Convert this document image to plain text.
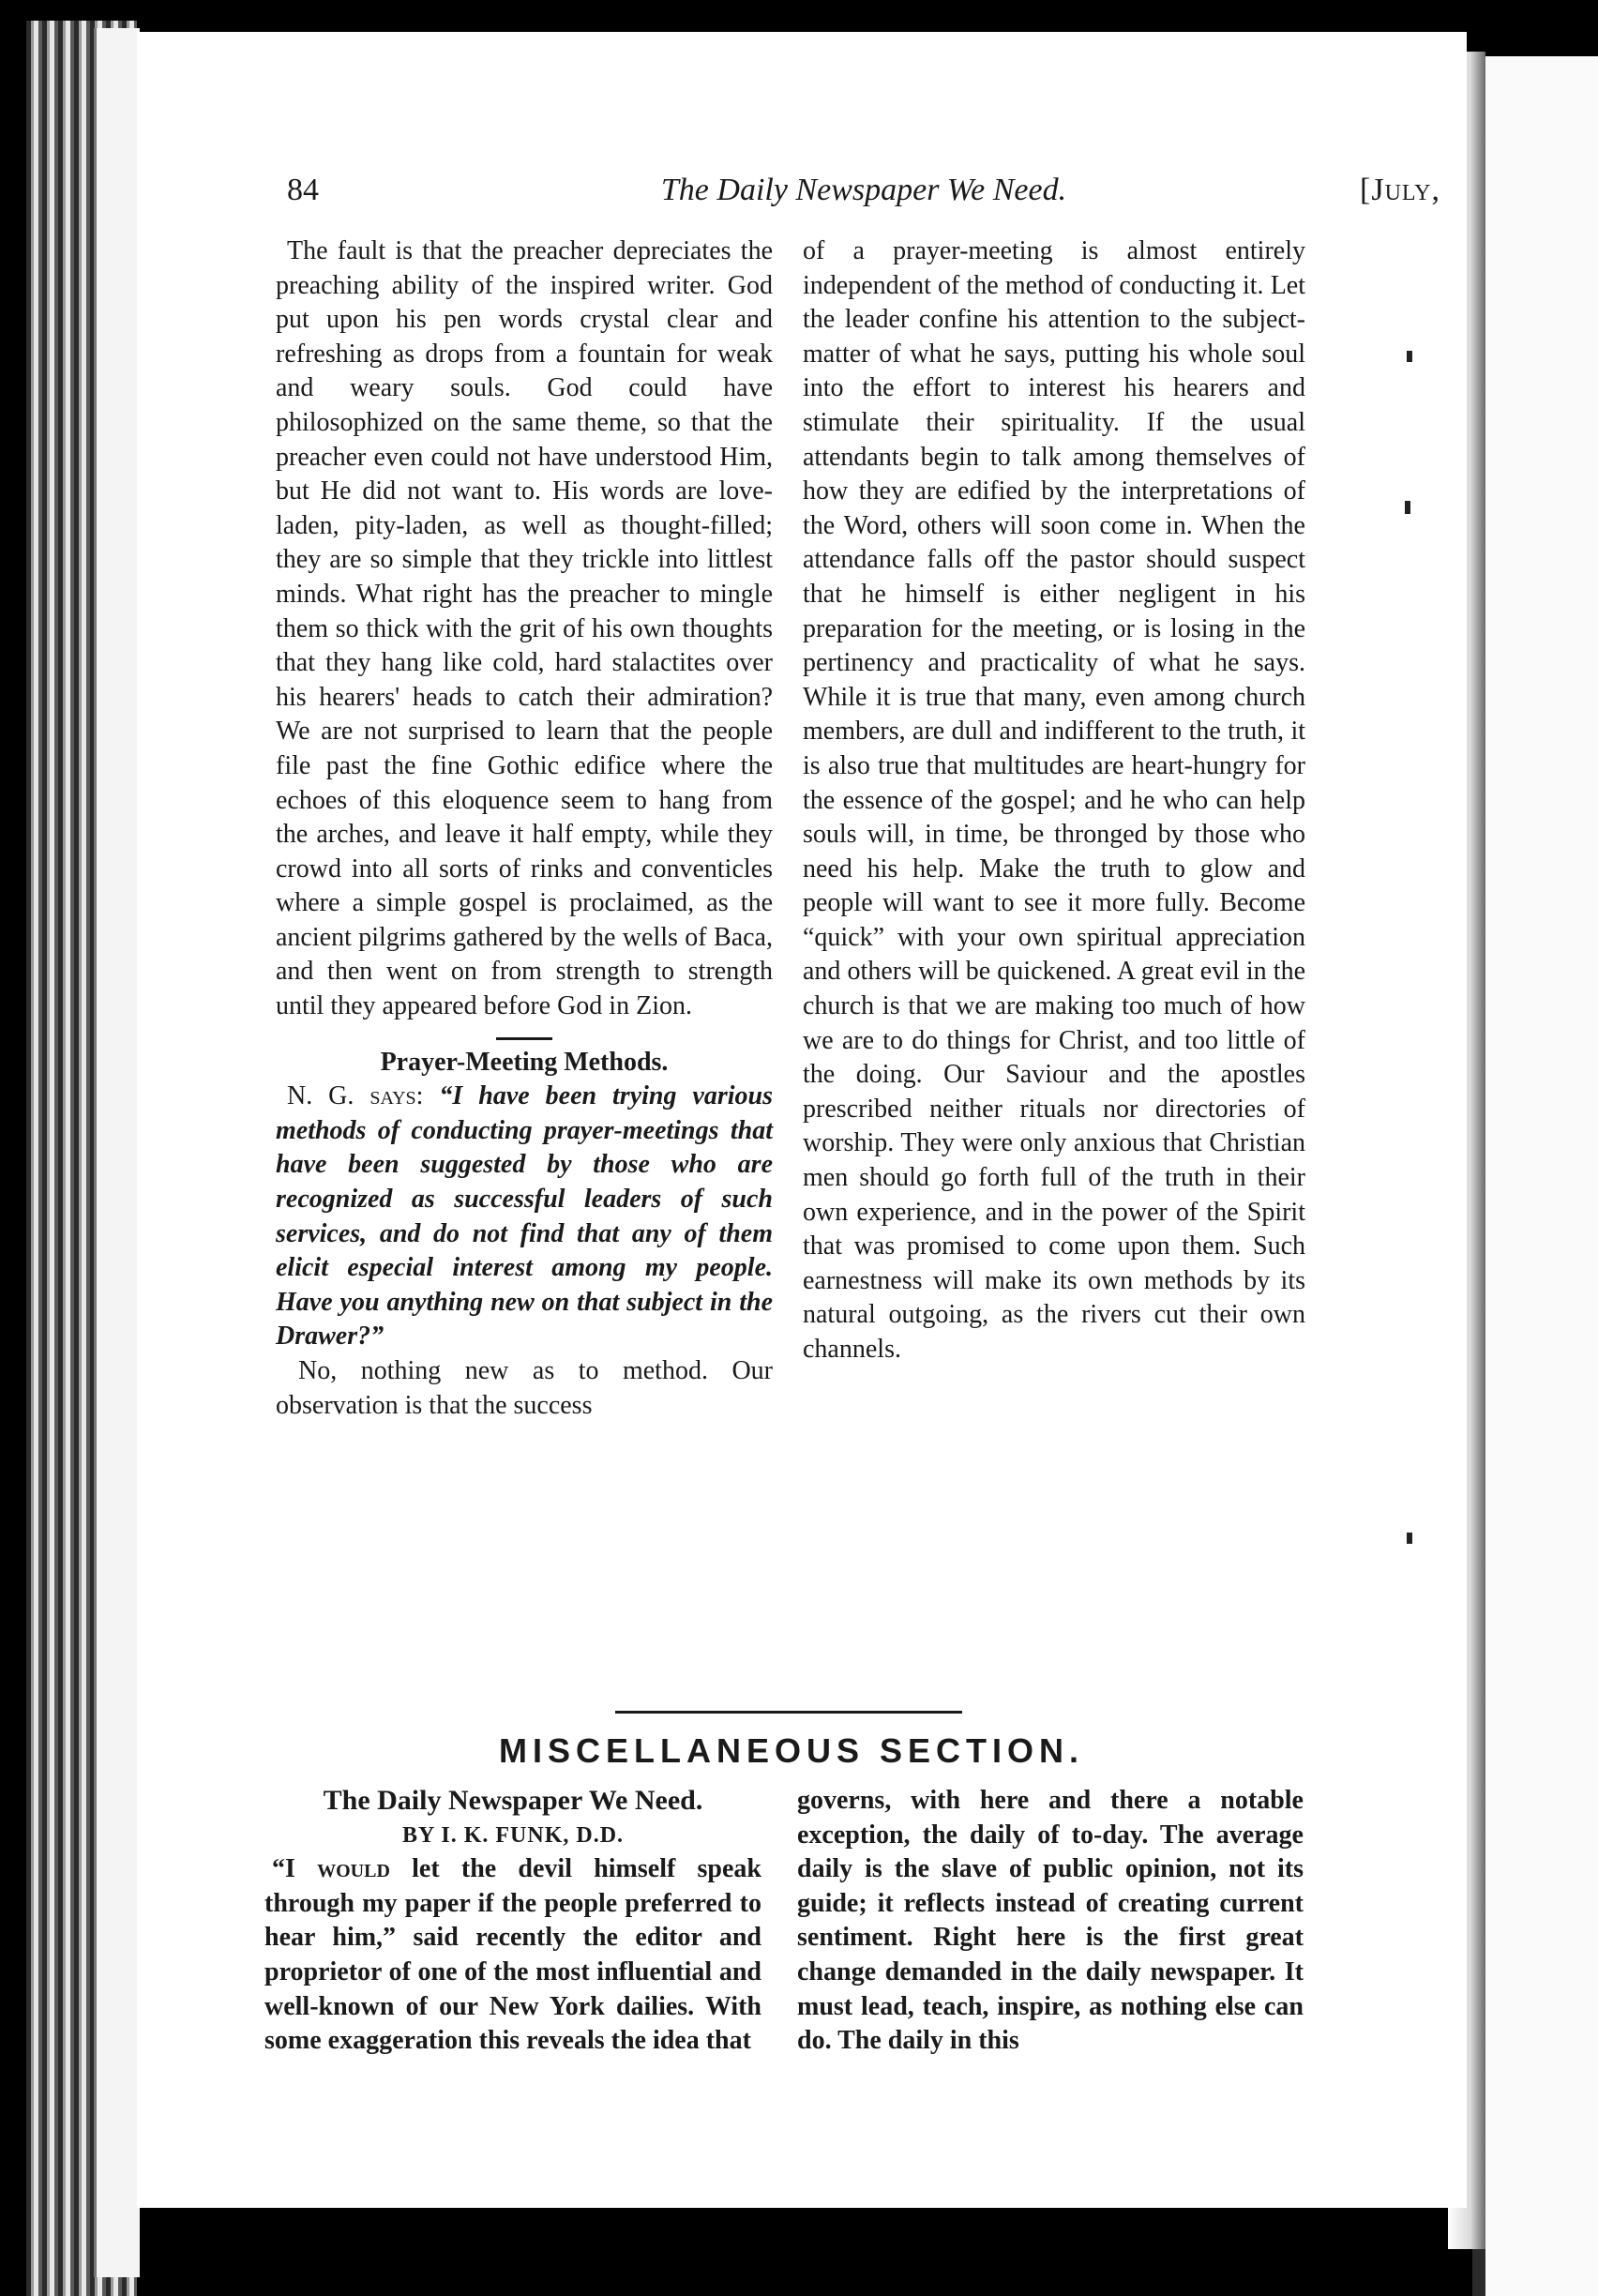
84	The Daily Newspaper We Need.	[July,

The fault is that the preacher depreciates the preaching ability of the inspired writer. God put upon his pen words crystal clear and refreshing as drops from a fountain for weak and weary souls. God could have philosophized on the same theme, so that the preacher even could not have understood Him, but He did not want to. His words are love-laden, pity-laden, as well as thought-filled; they are so simple that they trickle into littlest minds. What right has the preacher to mingle them so thick with the grit of his own thoughts that they hang like cold, hard stalactites over his hearers' heads to catch their admiration? We are not surprised to learn that the people file past the fine Gothic edifice where the echoes of this eloquence seem to hang from the arches, and leave it half empty, while they crowd into all sorts of rinks and conventicles where a simple gospel is proclaimed, as the ancient pilgrims gathered by the wells of Baca, and then went on from strength to strength until they appeared before God in Zion.

Prayer-Meeting Methods.

N. G. says: “I have been trying various methods of conducting prayer-meetings that have been suggested by those who are recognized as successful leaders of such services, and do not find that any of them elicit especial interest among my people. Have you anything new on that subject in the Drawer?”

No, nothing new as to method. Our observation is that the success

of a prayer-meeting is almost entirely independent of the method of conducting it. Let the leader confine his attention to the subject-matter of what he says, putting his whole soul into the effort to interest his hearers and stimulate their spirituality. If the usual attendants begin to talk among themselves of how they are edified by the interpretations of the Word, others will soon come in. When the attendance falls off the pastor should suspect that he himself is either negligent in his preparation for the meeting, or is losing in the pertinency and practicality of what he says. While it is true that many, even among church members, are dull and indifferent to the truth, it is also true that multitudes are heart-hungry for the essence of the gospel; and he who can help souls will, in time, be thronged by those who need his help. Make the truth to glow and people will want to see it more fully. Become “quick” with your own spiritual appreciation and others will be quickened. A great evil in the church is that we are making too much of how we are to do things for Christ, and too little of the doing. Our Saviour and the apostles prescribed neither rituals nor directories of worship. They were only anxious that Christian men should go forth full of the truth in their own experience, and in the power of the Spirit that was promised to come upon them. Such earnestness will make its own methods by its natural outgoing, as the rivers cut their own channels.

MISCELLANEOUS SECTION.

The Daily Newspaper We Need.

BY I. K. FUNK, D.D.

“I would let the devil himself speak through my paper if the people preferred to hear him,” said recently the editor and proprietor of one of the most influential and well-known of our New York dailies. With some exaggeration this reveals the idea that

governs, with here and there a notable exception, the daily of to-day. The average daily is the slave of public opinion, not its guide; it reflects instead of creating current sentiment. Right here is the first great change demanded in the daily newspaper. It must lead, teach, inspire, as nothing else can do. The daily in this
